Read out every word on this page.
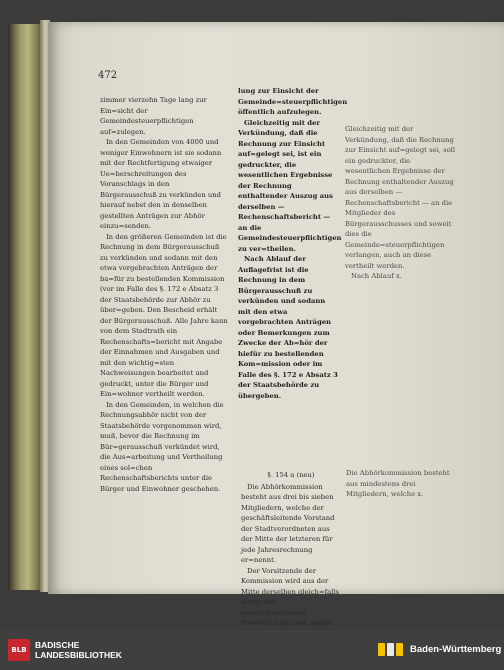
472

zimmer vierzehn Tage lang zur Ein=sicht der Gemeindesteuerpflichtigen auf=zulegen.

In den Gemeinden von 4000 und weniger Einwohnern ist sie sodann mit der Rechtfertigung etwaiger Ue=berschreitungen des Voranschlags in den Bürgerausschuß zu verkünden und hierauf nebst den in denselben gestellten Anträgen zur Abhör einzu=senden.

In den größeren Gemeinden ist die Rechnung in dem Bürgerausschuß zu verkünden und sodann mit den etwa vorgebrachten Anträgen der ba=für zu bestellenden Kommission (vor im Falle des §. 172 e Absatz 3 der Staatsbehörde zur Abhör zu über=geben. Den Bescheid erhält der Bürgerausschuß. Alle Jahre kann von dem Stadtrath ein Rechenschafts=bericht mit Angabe der Einnahmen und Ausgaben und mit den wichtig=sten Nachweisungen bearbeitet und gedruckt, unter die Bürger und Ein=wohner vertheilt werden.

In den Gemeinden, in welchen die Rechnungsabhör nicht von der Staatsbehörde vorgenommen wird, muß, bevor die Rechnung im Bür=gerausschuß verkündet wird, die Aus=arbeitung und Vertheilung eines sol=chen Rechenschaftsberichts unter die Bürger und Einwohner geschehen.

lung zur Einsicht der Gemeinde=steuerpflichtigen öffentlich aufzulegen.

Gleichzeitig mit der Verkündung, daß die Rechnung zur Einsicht auf=gelegt sei, ist ein gedruckter, die wesentlichen Ergebnisse der Rechnung enthaltender Auszug aus derselben — Rechenschaftsbericht — an die Gemeindesteuerpflichtigen zu ver=theilen.

Nach Ablauf der Auflagefrist ist die Rechnung in dem Bürgerausschuß zu verkünden und sodann mit den etwa vorgebrachten Anträgen oder Bemerkungen zum Zwecke der Ab=hör der hiefür zu bestellenden Kom=mission oder im Falle des §. 172 e Absatz 3 der Staatsbehörde zu übergeben.

Gleichzeitig mit der Verkündung, daß die Rechnung zur Einsicht auf=gelegt sei, soll ein gedruckter, die wesentlichen Ergebnisse der Rechnung enthaltender Auszug aus derselben — Rechenschaftsbericht — an die Mitglieder des Bürgerausschusses und soweit dies die Gemeinde=steuerpflichtigen verlangen, auch an diese vertheilt werden.

Nach Ablauf x.

§. 154 a (neu)

Die Abhörkommission besteht aus drei bis sieben Mitgliedern, welche der geschäftsleitende Vorstand der Stadtverordneten aus der Mitte der letzteren für jede Jahresrechnung er=nennt.

Der Vorsitzende der Kommission wird aus der Mitte derselben gleich=falls durch den geschäftsleitenden Vor=stand ernannt, sofern

Die Abhörkommission besteht aus mindestens drei Mitgliedern, welche x.

BLB BADISCHE
LANDESBIBLIOTHEK	Baden-Württemberg
